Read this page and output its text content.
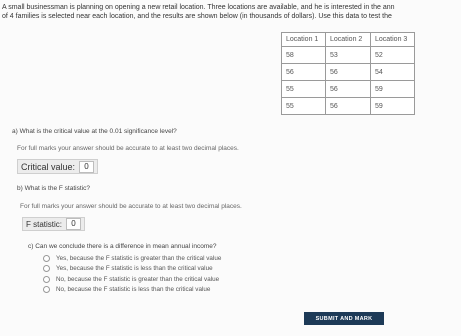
A small businessman is planning on opening a new retail location. Three locations are available, and he is interested in the ann
of 4 families is selected near each location, and the results are shown below (in thousands of dollars). Use this data to test the
Location 1	Location 2	Location 3
58	53	52
56	56	54
55	56	59
55	56	59
a) What is the critical value at the 0.01 significance level?
For full marks your answer should be accurate to at least two decimal places.
Critical value:	0
b) What is the F statistic?
For full marks your answer should be accurate to at least two decimal places.
F statistic:	0
c) Can we conclude there is a difference in mean annual income?
Yes, because the F statistic is greater than the critical value
Yes, because the F statistic is less than the critical value
No, because the F statistic is greater than the critical value
No, because the F statistic is less than the critical value
SUBMIT AND MARK
